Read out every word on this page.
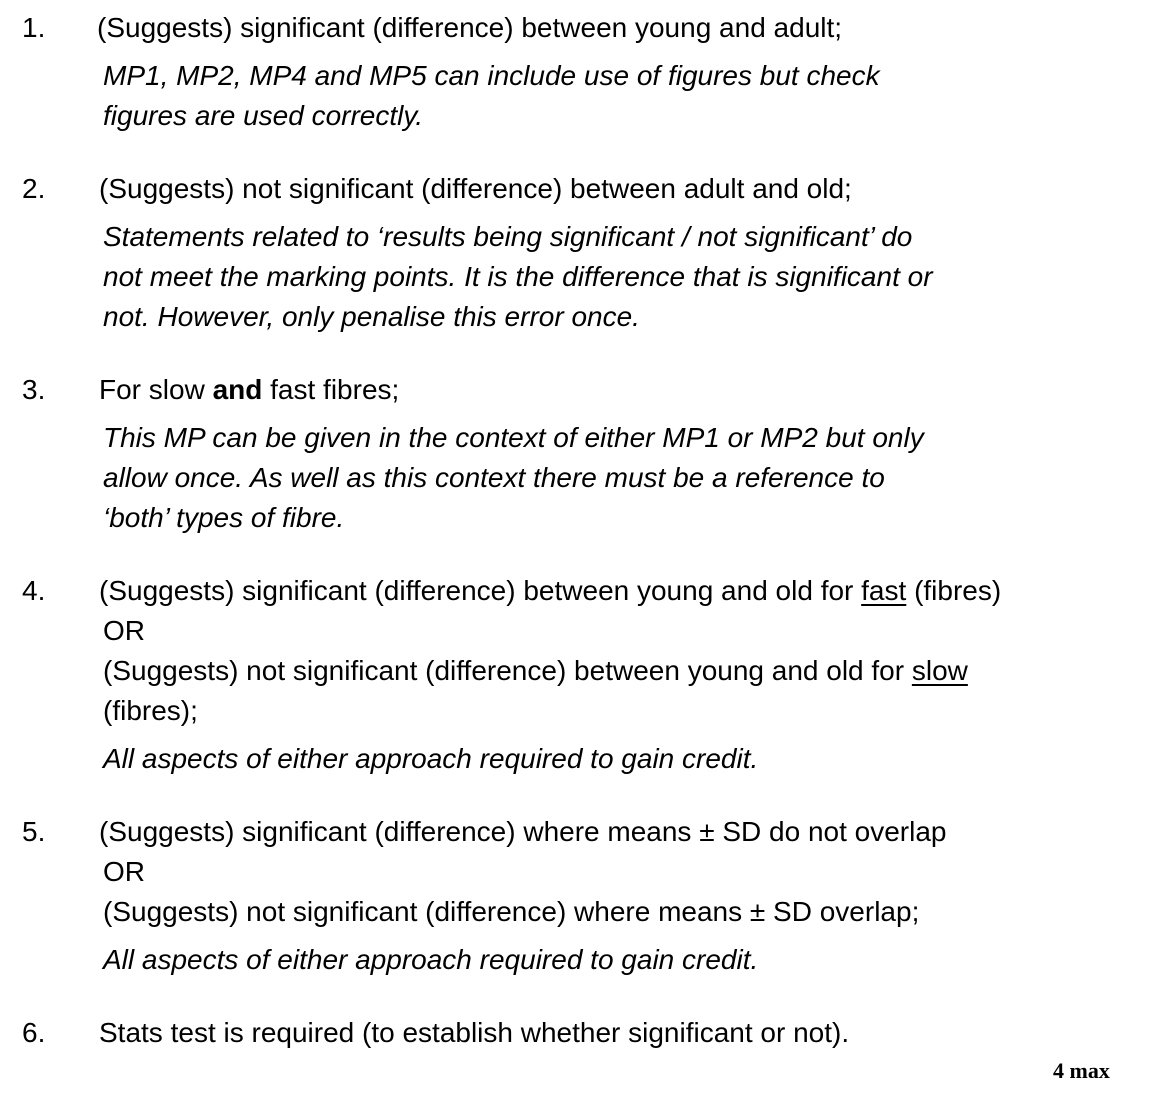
1. (Suggests) significant (difference) between young and adult;
MP1, MP2, MP4 and MP5 can include use of figures but check
figures are used correctly.
2. (Suggests) not significant (difference) between adult and old;
Statements related to ‘results being significant / not significant’ do
not meet the marking points. It is the difference that is significant or
not. However, only penalise this error once.
3. For slow and fast fibres;
This MP can be given in the context of either MP1 or MP2 but only
allow once. As well as this context there must be a reference to
‘both’ types of fibre.
4. (Suggests) significant (difference) between young and old for fast (fibres)
OR
(Suggests) not significant (difference) between young and old for slow
(fibres);
All aspects of either approach required to gain credit.
5. (Suggests) significant (difference) where means ± SD do not overlap
OR
(Suggests) not significant (difference) where means ± SD overlap;
All aspects of either approach required to gain credit.
6. Stats test is required (to establish whether significant or not).
4 max
